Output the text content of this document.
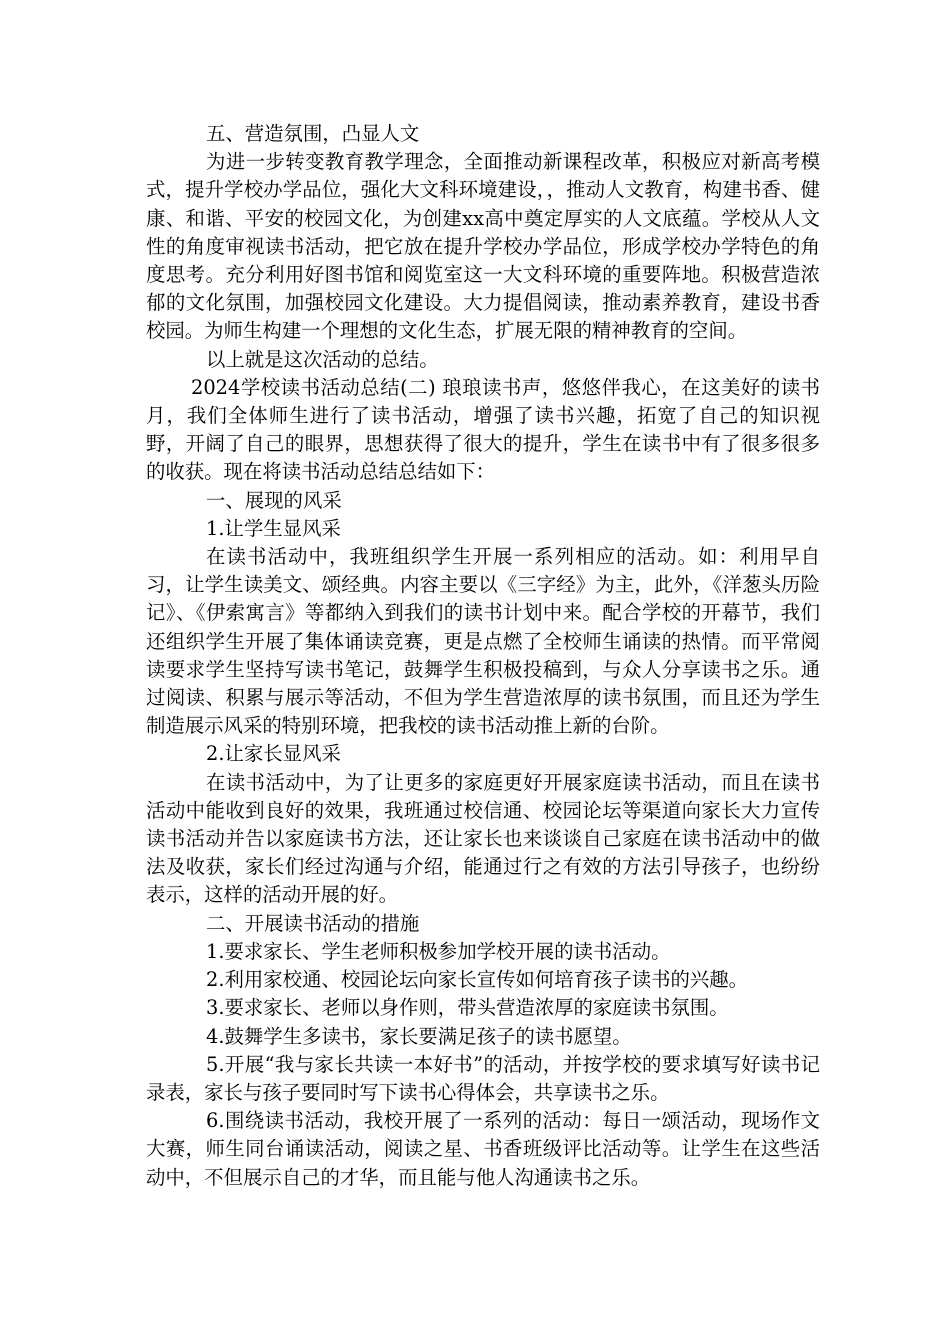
五、营造氛围，凸显人文

为进一步转变教育教学理念，全面推动新课程改革，积极应对新高考模式，提升学校办学品位，强化大文科环境建设，，推动人文教育，构建书香、健康、和谐、平安的校园文化，为创建xx高中奠定厚实的人文底蕴。学校从人文性的角度审视读书活动，把它放在提升学校办学品位，形成学校办学特色的角度思考。充分利用好图书馆和阅览室这一大文科环境的重要阵地。积极营造浓郁的文化氛围，加强校园文化建设。大力提倡阅读，推动素养教育，建设书香校园。为师生构建一个理想的文化生态，扩展无限的精神教育的空间。

以上就是这次活动的总结。

2024学校读书活动总结(二) 琅琅读书声，悠悠伴我心，在这美好的读书月，我们全体师生进行了读书活动，增强了读书兴趣，拓宽了自己的知识视野，开阔了自己的眼界，思想获得了很大的提升，学生在读书中有了很多很多的收获。现在将读书活动总结总结如下：

一、展现的风采

1.让学生显风采

在读书活动中，我班组织学生开展一系列相应的活动。如：利用早自习，让学生读美文、颂经典。内容主要以《三字经》为主，此外，《洋葱头历险记》、《伊索寓言》等都纳入到我们的读书计划中来。配合学校的开幕节，我们还组织学生开展了集体诵读竞赛，更是点燃了全校师生诵读的热情。而平常阅读要求学生坚持写读书笔记，鼓舞学生积极投稿到，与众人分享读书之乐。通过阅读、积累与展示等活动，不但为学生营造浓厚的读书氛围，而且还为学生制造展示风采的特别环境，把我校的读书活动推上新的台阶。

2.让家长显风采

在读书活动中，为了让更多的家庭更好开展家庭读书活动，而且在读书活动中能收到良好的效果，我班通过校信通、校园论坛等渠道向家长大力宣传读书活动并告以家庭读书方法，还让家长也来谈谈自己家庭在读书活动中的做法及收获，家长们经过沟通与介绍，能通过行之有效的方法引导孩子，也纷纷表示，这样的活动开展的好。

二、开展读书活动的措施

1.要求家长、学生老师积极参加学校开展的读书活动。

2.利用家校通、校园论坛向家长宣传如何培育孩子读书的兴趣。

3.要求家长、老师以身作则，带头营造浓厚的家庭读书氛围。

4.鼓舞学生多读书，家长要满足孩子的读书愿望。

5.开展“我与家长共读一本好书”的活动，并按学校的要求填写好读书记录表，家长与孩子要同时写下读书心得体会，共享读书之乐。

6.围绕读书活动，我校开展了一系列的活动：每日一颂活动，现场作文大赛，师生同台诵读活动，阅读之星、书香班级评比活动等。让学生在这些活动中，不但展示自己的才华，而且能与他人沟通读书之乐。
